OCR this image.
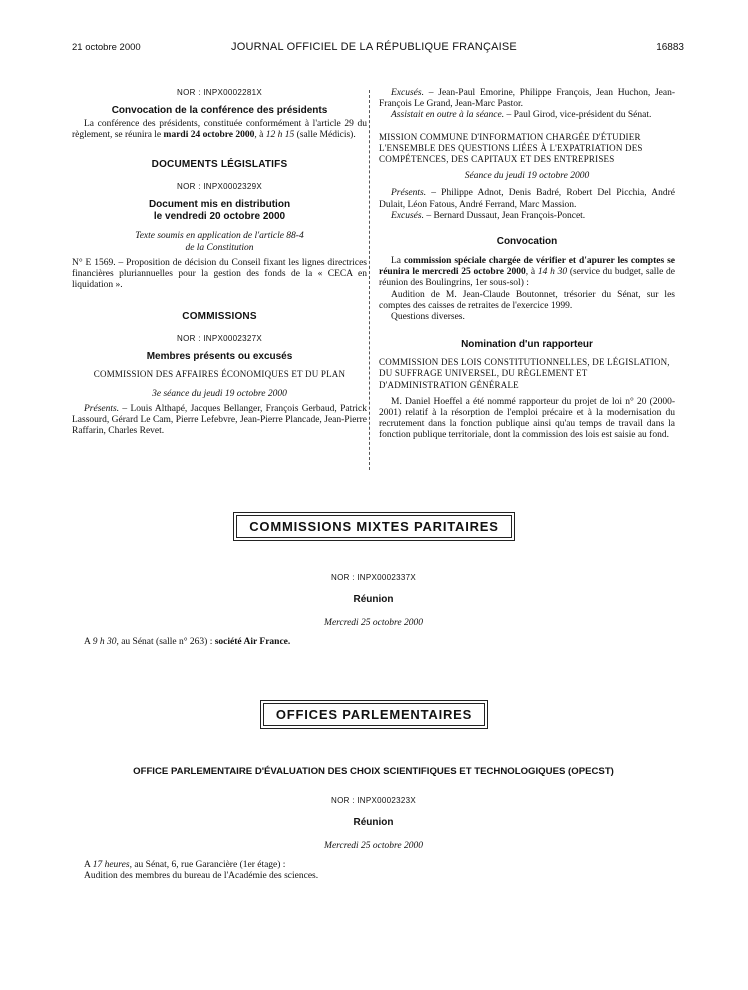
21 octobre 2000	JOURNAL OFFICIEL DE LA RÉPUBLIQUE FRANÇAISE	16883
NOR : INPX0002281X
Convocation de la conférence des présidents

La conférence des présidents, constituée conformément à l'article 29 du règlement, se réunira le mardi 24 octobre 2000, à 12 h 15 (salle Médicis).

DOCUMENTS LÉGISLATIFS
NOR : INPX0002329X
Document mis en distribution
le vendredi 20 octobre 2000

Texte soumis en application de l'article 88-4

de la Constitution

N° E 1569. – Proposition de décision du Conseil fixant les lignes directrices financières pluriannuelles pour la gestion des fonds de la « CECA en liquidation ».

COMMISSIONS
NOR : INPX0002327X
Membres présents ou excusés

COMMISSION DES AFFAIRES ÉCONOMIQUES ET DU PLAN

3e séance du jeudi 19 octobre 2000

Présents. – Louis Althapé, Jacques Bellanger, François Gerbaud, Patrick Lassourd, Gérard Le Cam, Pierre Lefebvre, Jean-Pierre Plancade, Jean-Pierre Raffarin, Charles Revet.

Excusés. – Jean-Paul Emorine, Philippe François, Jean Huchon, Jean-François Le Grand, Jean-Marc Pastor.

Assistait en outre à la séance. – Paul Girod, vice-président du Sénat.

MISSION COMMUNE D'INFORMATION CHARGÉE D'ÉTUDIER L'ENSEMBLE DES QUESTIONS LIÉES À L'EXPATRIATION DES COMPÉTENCES, DES CAPITAUX ET DES ENTREPRISES

Séance du jeudi 19 octobre 2000

Présents. – Philippe Adnot, Denis Badré, Robert Del Picchia, André Dulait, Léon Fatous, André Ferrand, Marc Massion.

Excusés. – Bernard Dussaut, Jean François-Poncet.

Convocation

La commission spéciale chargée de vérifier et d'apurer les comptes se réunira le mercredi 25 octobre 2000, à 14 h 30 (service du budget, salle de réunion des Boulingrins, 1er sous-sol) :

Audition de M. Jean-Claude Boutonnet, trésorier du Sénat, sur les comptes des caisses de retraites de l'exercice 1999.

Questions diverses.

Nomination d'un rapporteur

COMMISSION DES LOIS CONSTITUTIONNELLES, DE LÉGISLATION, DU SUFFRAGE UNIVERSEL, DU RÈGLEMENT ET D'ADMINISTRATION GÉNÉRALE

M. Daniel Hoeffel a été nommé rapporteur du projet de loi n° 20 (2000-2001) relatif à la résorption de l'emploi précaire et à la modernisation du recrutement dans la fonction publique ainsi qu'au temps de travail dans la fonction publique territoriale, dont la commission des lois est saisie au fond.

COMMISSIONS MIXTES PARITAIRES
NOR : INPX0002337X
Réunion

Mercredi 25 octobre 2000

A 9 h 30, au Sénat (salle n° 263) : société Air France.

OFFICES PARLEMENTAIRES
OFFICE PARLEMENTAIRE D'ÉVALUATION DES CHOIX SCIENTIFIQUES ET TECHNOLOGIQUES (OPECST)
NOR : INPX0002323X
Réunion

Mercredi 25 octobre 2000

A 17 heures, au Sénat, 6, rue Garancière (1er étage) :

Audition des membres du bureau de l'Académie des sciences.
